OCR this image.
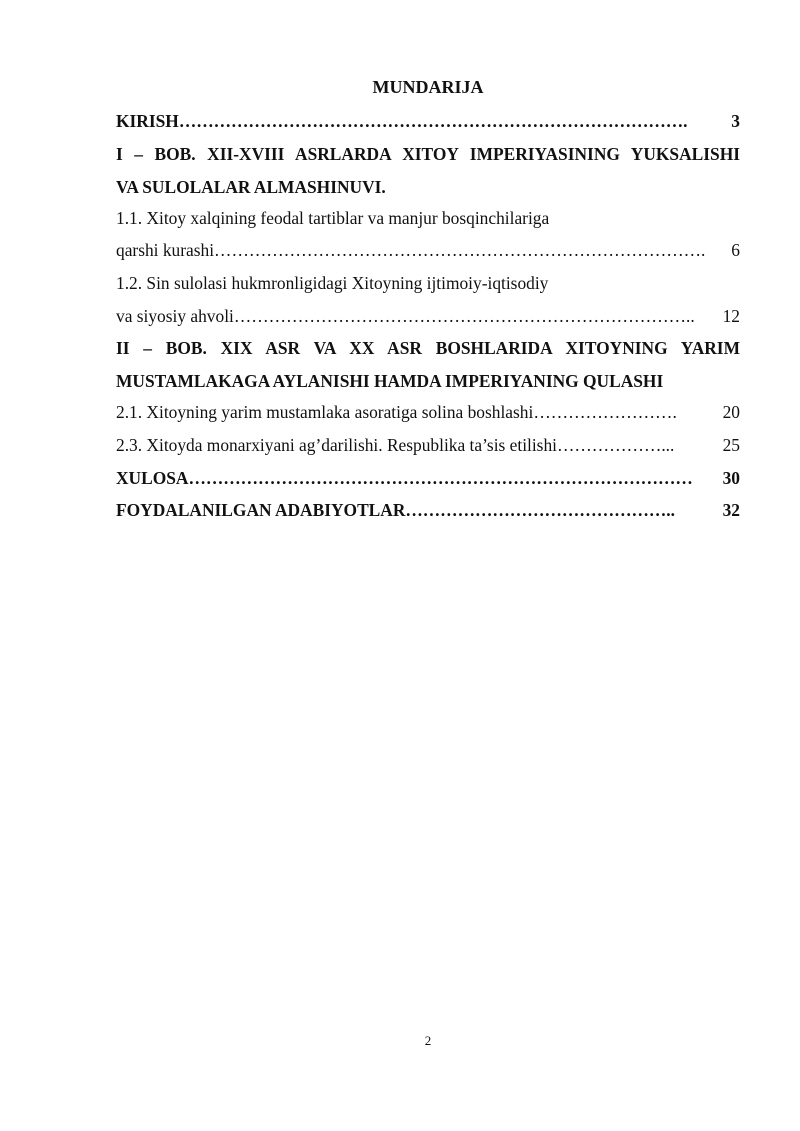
MUNDARIJA
KIRISH …………………………………………………………………………….	3
I – BOB. XII-XVIII ASRLARDA XITOY IMPERIYASINING YUKSALISHI
VA SULOLALAR ALMASHINUVI.
1.1. Xitoy xalqining feodal tartiblar va manjur bosqinchilariga
qarshi kurashi ………………………………………………………………………….	6
1.2. Sin sulolasi hukmronligidagi Xitoyning ijtimoiy-iqtisodiy
va siyosiy ahvoli ……………………………………………………………………..	12
II – BOB. XIX ASR VA XX ASR BOSHLARIDA XITOYNING YARIM
MUSTAMLAKAGA AYLANISHI HAMDA IMPERIYANING QULASHI
2.1. Xitoyning yarim mustamlaka asoratiga solina boshlashi …………………….	20
2.3. Xitoyda monarxiyani ag’darilishi. Respublika ta’sis etilishi ………………...	25
XULOSA ……………………………………………………………………………	30
FOYDALANILGAN ADABIYOTLAR ………………………………………..	32
2
